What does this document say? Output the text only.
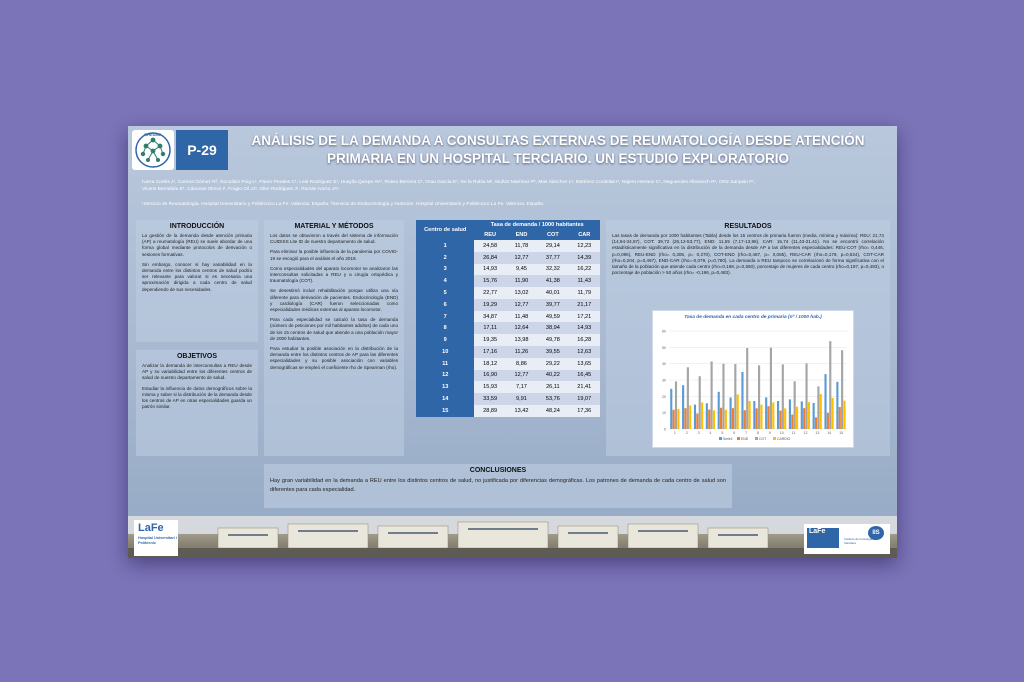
RHEUMA
P-29
ANÁLISIS DE LA DEMANDA A CONSULTAS EXTERNAS DE REUMATOLOGÍA DESDE ATENCIÓN
PRIMARIA EN UN HOSPITAL TERCIARIO. UN ESTUDIO EXPLORATORIO
Ivorra Cortés J¹, Carrara Gómez R², González Puig L¹, Pávez Perales C¹, Leal Rodríguez S¹, Huaylla Quispe AV¹, Rosso Bercera C¹, Grau García E¹, De la Rubia M¹, Muñoz Martínez P¹, Mas Sánchez L¹, Martínez Cordellat I¹, Nájera Herranz C¹, Negueroles Albuixech R¹, Ortiz Sanjuán F¹,
Vicens Bernabéu E¹, Cánovas Olmos I¹, Fragio Gil JJ¹, Oller Rodríguez J¹, Román Ivorra JA¹.
¹Servicio de Reumatología. Hospital Universitario y Politécnico La Fe. Valencia. España. ²Servicio de Endocrinología y Nutrición. Hospital Universitario y Politécnico La Fe. Valencia. España.
INTRODUCCIÓN
La gestión de la demanda desde atención primaria (AP) a reumatología (REU) se suele abordar de una forma global mediante protocolos de derivación o sesiones formativas.
Sin embargo, conocer si hay variabilidad en la demanda entre los distintos centros de salud podría ser relevante para valorar si es necesaria una aproximación dirigida a cada centro de salud dependiendo de sus necesidades.
OBJETIVOS
Analizar la demanda de interconsultas a REU desde AP y su variabilidad entre los diferentes centros de salud de nuestro departamento de salud.
Estudiar la influencia de datos demográficos sobre la misma y saber si la distribución de la demanda desde los centros de AP en otras especialidades guarda un patrón similar.
MATERIAL Y MÉTODOS
Los datos se obtuvieron a través del sistema de información CUIDISS Lite ID de nuestro departamento de salud.
Para eliminar la posible influencia de la pandemia por COVID-19 se escogió para el análisis el año 2019.
Como especialidades del aparato locomotor se analizaron las interconsultas solicitadas a REU y a cirugía ortopédica y traumatología (COT).
Se desestimó incluir rehabilitación porque utiliza una vía diferente para derivación de pacientes. Endocrinología (END) y cardiología (CAR) fueron seleccionadas como especialidades médicas externas al aparato locomotor.
Para cada especialidad se calculó la tasa de demanda (número de peticiones por mil habitantes adultos) de cada uno de los 15 centros de salud que atiende a una población mayor de 2000 habitantes.
Para estudiar la posible asociación en la distribución de la demanda entre los distintos centros de AP para las diferentes especialidades y su posible asociación con variables demográficas se empleó el coeficiente rho de Spearman (rho).
Centro de salud	Tasa de demanda / 1000 habitantes			
	REU	END	COT	CAR
1	24,58	11,78	29,14	12,23
2	26,84	12,77	37,77	14,39
3	14,93	9,45	32,32	16,22
4	15,76	11,90	41,38	11,43
5	22,77	13,02	40,01	11,79
6	19,29	12,77	39,77	21,17
7	34,87	11,48	49,59	17,21
8	17,11	12,64	38,94	14,93
9	19,35	13,98	49,78	16,28
10	17,16	11,26	39,55	12,63
11	18,12	8,86	29,22	13,65
12	16,90	12,77	40,22	16,45
13	15,93	7,17	26,11	21,41
14	33,59	9,91	53,76	19,07
15	28,89	13,42	48,24	17,36
RESULTADOS
Las tasas de demanda por 1000 habitantes (Tabla) desde los 15 centros de primaria fueron (media, mínima y máxima): REU: 21,74 (14,94-34,87), COT: 39,72 (26,12-53,77), END: 11,55 (7,17-13,98), CAR: 15,74 (11,43-21,41). No se encontró correlación estadísticamente significativa en la distribución de la demanda desde AP a las diferentes especialidades: REU-COT (rho= 0,446, p=0,095), REU-END (rho= 0,305, p= 0,270), COT-END (rho=0,487, p= 0,065), REU-CAR (rho=0,179, p=0,524), COT-CAR (rho=0,204, p=0,467), END-CAR (rho=-0,079, p=0,780). La demanda a REU tampoco se correlacionó de forma significativa con el tamaño de la población que atiende cada centro (rho=0,168, p=0,550), porcentaje de mujeres de cada centro (rho=0,197, p=0,483), o porcentaje de población > 50 años (rho= -0,196, p=0,483).
Tasa de demanda en cada centro de primaria (nº / 1000 hab.)
0
10
20
30
40
50
60
1	2	3	4	5	6	7	8	9 10 11 12 13 14 15
Serie1 END	COT	CARDIO
CONCLUSIONES
Hay gran variabilidad en la demanda a REU entre los distintos centros de salud, no justificada por diferencias demográficas. Los patrones de demanda de cada centro de salud son diferentes para cada especialidad.
LaFe
Hospital Universitari i Politècnic
LaFe	IIS
Instituto de Investigación Sanitaria
